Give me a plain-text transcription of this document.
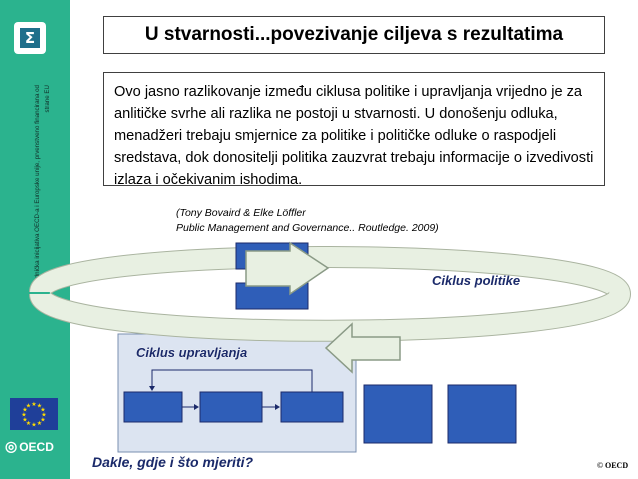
Σ
Zajednička inicijativa OECD-a i Europske unije, prvenstveno financirana od strane EU
★ ★
★
★
★
★
★
★
★
★
★
★
◎ OECD
U stvarnosti...povezivanje ciljeva s rezultatima

Ovo jasno razlikovanje između ciklusa politike i upravljanja vrijedno je za anlitičke svrhe ali razlika ne postoji u stvarnosti. U donošenju odluka, menadžeri trebaju smjernice za politike i političke odluke o raspodjeli sredstava, dok donositelji politika zauzvrat trebaju informacije o izvedivosti izlaza i očekivanim ishodima.

(Tony Bovaird & Elke Löffler
Public Management and Governance.. Routledge. 2009)
Ciklus politike
Ciklus upravljanja
Dakle, gdje i što mjeriti?	© OECD
